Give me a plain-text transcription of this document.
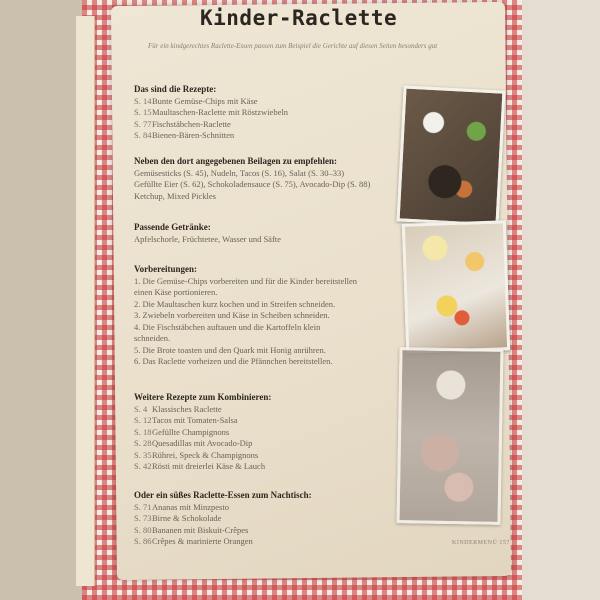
Kinder-Raclette
Für ein kindgerechtes Raclette-Essen passen zum Beispiel die Gerichte auf diesen Seiten besonders gut
Das sind die Rezepte:
S. 14Bunte Gemüse-Chips mit Käse
S. 15Maultaschen-Raclette mit Röstzwiebeln
S. 77Fischstäbchen-Raclette
S. 84Bienen-Bären-Schnitten
Neben den dort angegebenen Beilagen zu empfehlen:
Gemüsesticks (S. 45), Nudeln, Tacos (S. 16), Salat (S. 30–33)
Gefüllte Eier (S. 62), Schokoladensauce (S. 75), Avocado-Dip (S. 88)
Ketchup, Mixed Pickles
Passende Getränke:
Apfelschorle, Früchtetee, Wasser und Säfte
Vorbereitungen:
1. Die Gemüse-Chips vorbereiten und für die Kinder bereitstellen
einen Käse portionieren.
2. Die Maultaschen kurz kochen und in Streifen schneiden.
3. Zwiebeln vorbereiten und Käse in Scheiben schneiden.
4. Die Fischstäbchen auftauen und die Kartoffeln klein
schneiden.
5. Die Brote toasten und den Quark mit Honig anrühren.
6. Das Raclette vorheizen und die Pfännchen bereitstellen.
Weitere Rezepte zum Kombinieren:
S. 4 Klassisches Raclette
S. 12Tacos mit Tomaten-Salsa
S. 18Gefüllte Champignons
S. 28Quesadillas mit Avocado-Dip
S. 35Rührei, Speck & Champignons
S. 42Rösti mit dreierlei Käse & Lauch
Oder ein süßes Raclette-Essen zum Nachtisch:
S. 71Ananas mit Minzpesto
S. 73Birne & Schokolade
S. 80Bananen mit Biskuit-Crêpes
S. 86Crêpes & marinierte Orangen	KINDERMENÜ 157
